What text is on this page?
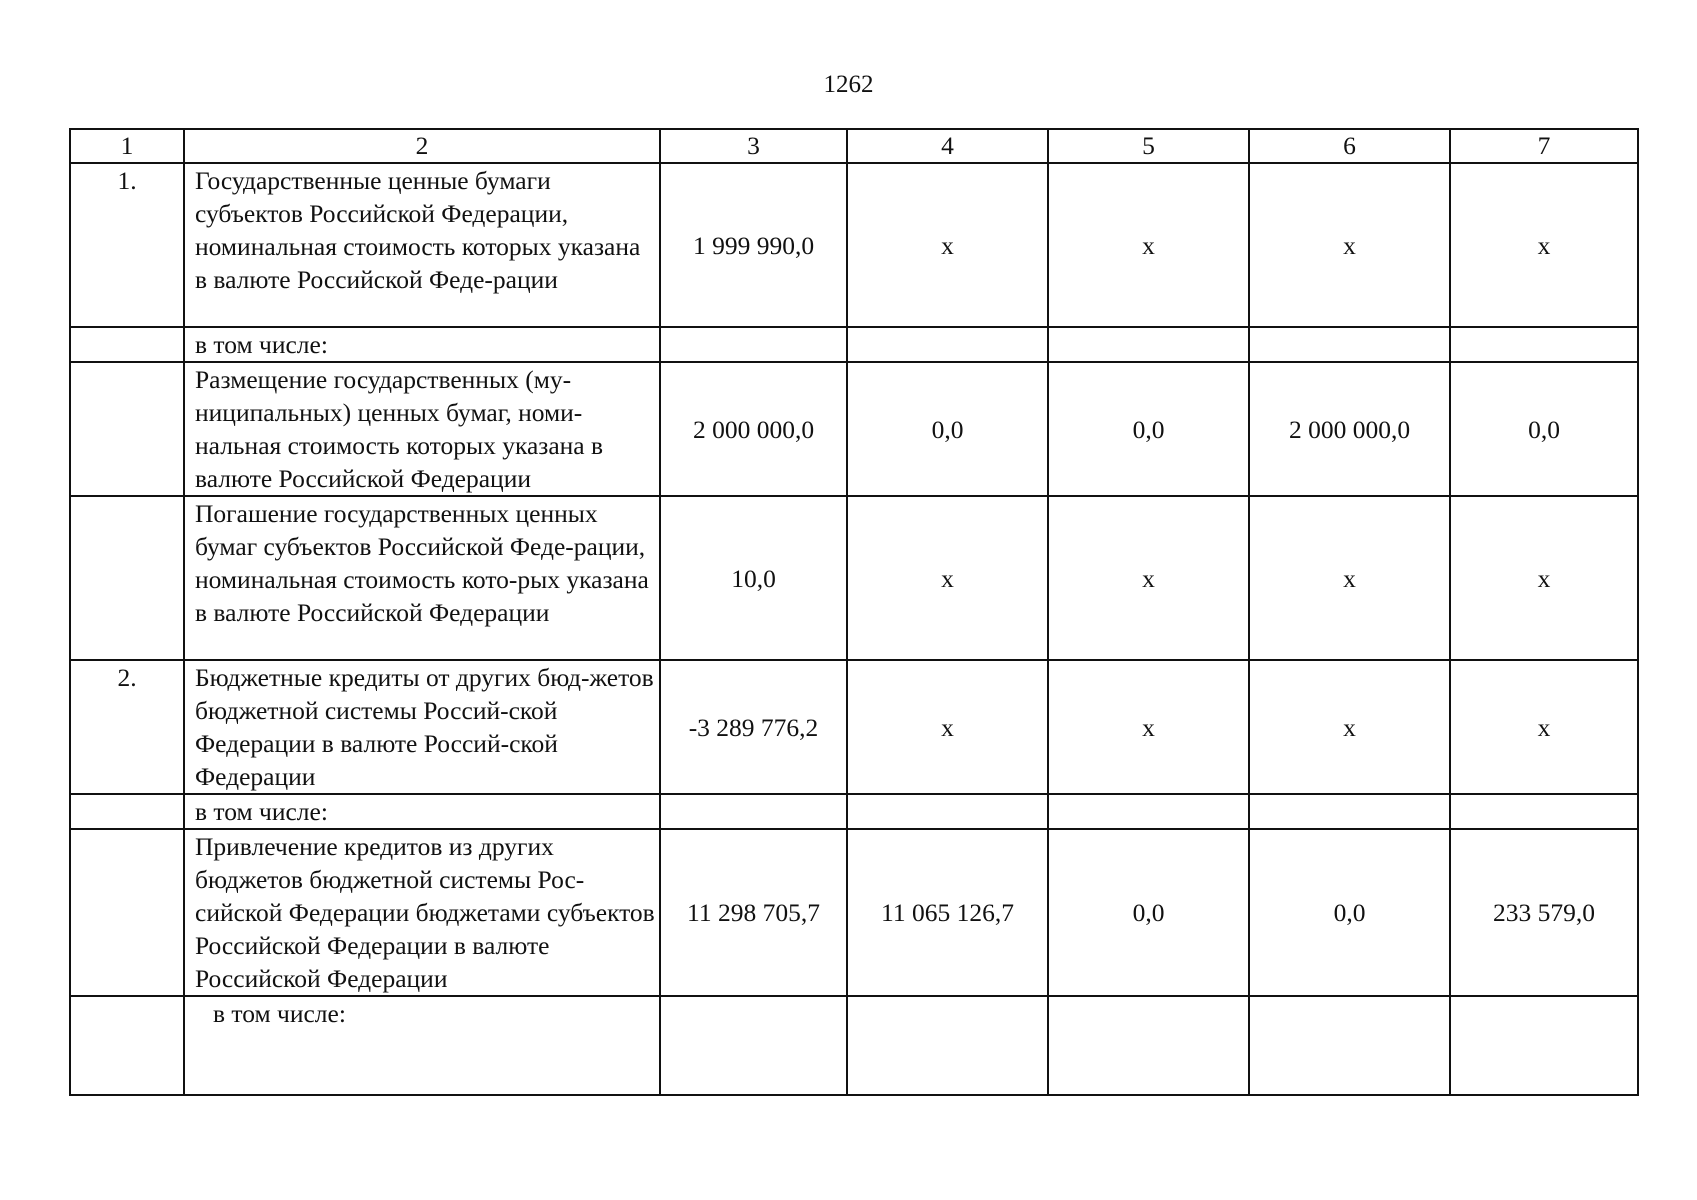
1262
1	2	3	4	5	6	7
1.	Государственные ценные бумаги субъектов Российской Федерации, номинальная стоимость которых указана в валюте Российской Феде-рации	1 999 990,0	х	х	х	х
	в том числе:					
	Размещение государственных (му-ниципальных) ценных бумаг, номи-нальная стоимость которых указана в валюте Российской Федерации	2 000 000,0	0,0	0,0	2 000 000,0	0,0
	Погашение государственных ценных бумаг субъектов Российской Феде-рации, номинальная стоимость кото-рых указана в валюте Российской Федерации	10,0	х	х	х	х
2.	Бюджетные кредиты от других бюд-жетов бюджетной системы Россий-ской Федерации в валюте Россий-ской Федерации	-3 289 776,2	х	х	х	х
	в том числе:					
	Привлечение кредитов из других бюджетов бюджетной системы Рос-сийской Федерации бюджетами субъектов Российской Федерации в валюте Российской Федерации	11 298 705,7	11 065 126,7	0,0	0,0	233 579,0
	в том числе:					
